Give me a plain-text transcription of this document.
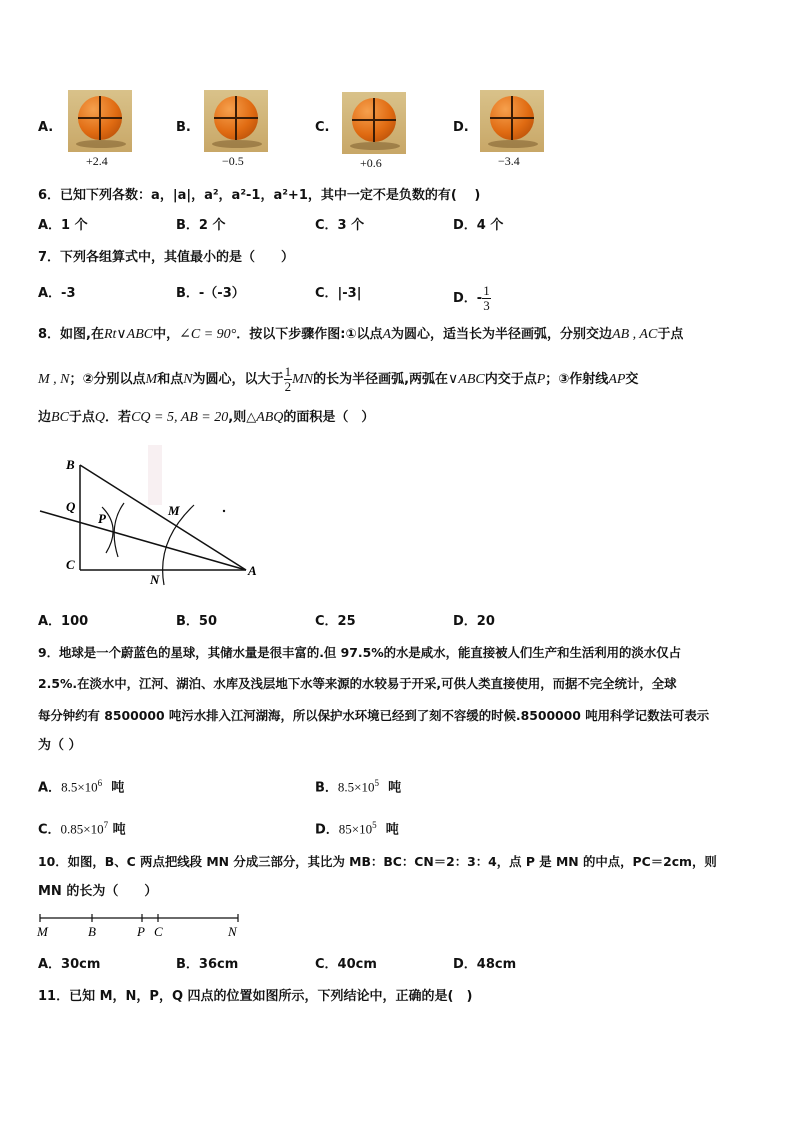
A.
+2.4
B.
−0.5
C.
+0.6
D.
−3.4
6．已知下列各数：a，|a|，a²，a²-1，a²+1，其中一定不是负数的有(　 )
A．1 个	B．2 个	C．3 个	D．4 个
7．下列各组算式中，其值最小的是（　　）
A．-3	B．-（-3）	C．|-3|	D．- $\frac{1}{3}$
8．如图,在Rt∨ABC中，∠C = 90°．按以下步骤作图:①以点A为圆心，适当长为半径画弧，分别交边AB , AC于点
M , N；②分别以点M和点N为圆心，以大于 $\frac{1}{2}$ MN的长为半径画弧,两弧在∨ABC内交于点P；③作射线AP交
边BC于点Q．若CQ = 5, AB = 20,则△ABQ的面积是（　）
B
Q
P
M
C
N
A
A．100	B．50	C．25	D．20
9．地球是一个蔚蓝色的星球，其储水量是很丰富的.但 97.5%的水是咸水，能直接被人们生产和生活利用的淡水仅占
2.5%.在淡水中，江河、湖泊、水库及浅层地下水等来源的水较易于开采,可供人类直接使用，而据不完全统计，全球
每分钟约有 8500000 吨污水排入江河湖海，所以保护水环境已经到了刻不容缓的时候.8500000 吨用科学记数法可表示
为（ ）
A．$8.5\times 10^6$ 吨	B．$8.5\times 10^5$ 吨
C．$0.85\times 10^7$ 吨	D．$85\times 10^5$ 吨
10．如图，B、C 两点把线段 MN 分成三部分，其比为 MB：BC：CN＝2：3：4，点 P 是 MN 的中点，PC＝2cm，则
MN 的长为（　　）
M	B	P C	N
A．30cm	B．36cm	C．40cm	D．48cm
11．已知 M，N，P，Q 四点的位置如图所示，下列结论中，正确的是(　)
